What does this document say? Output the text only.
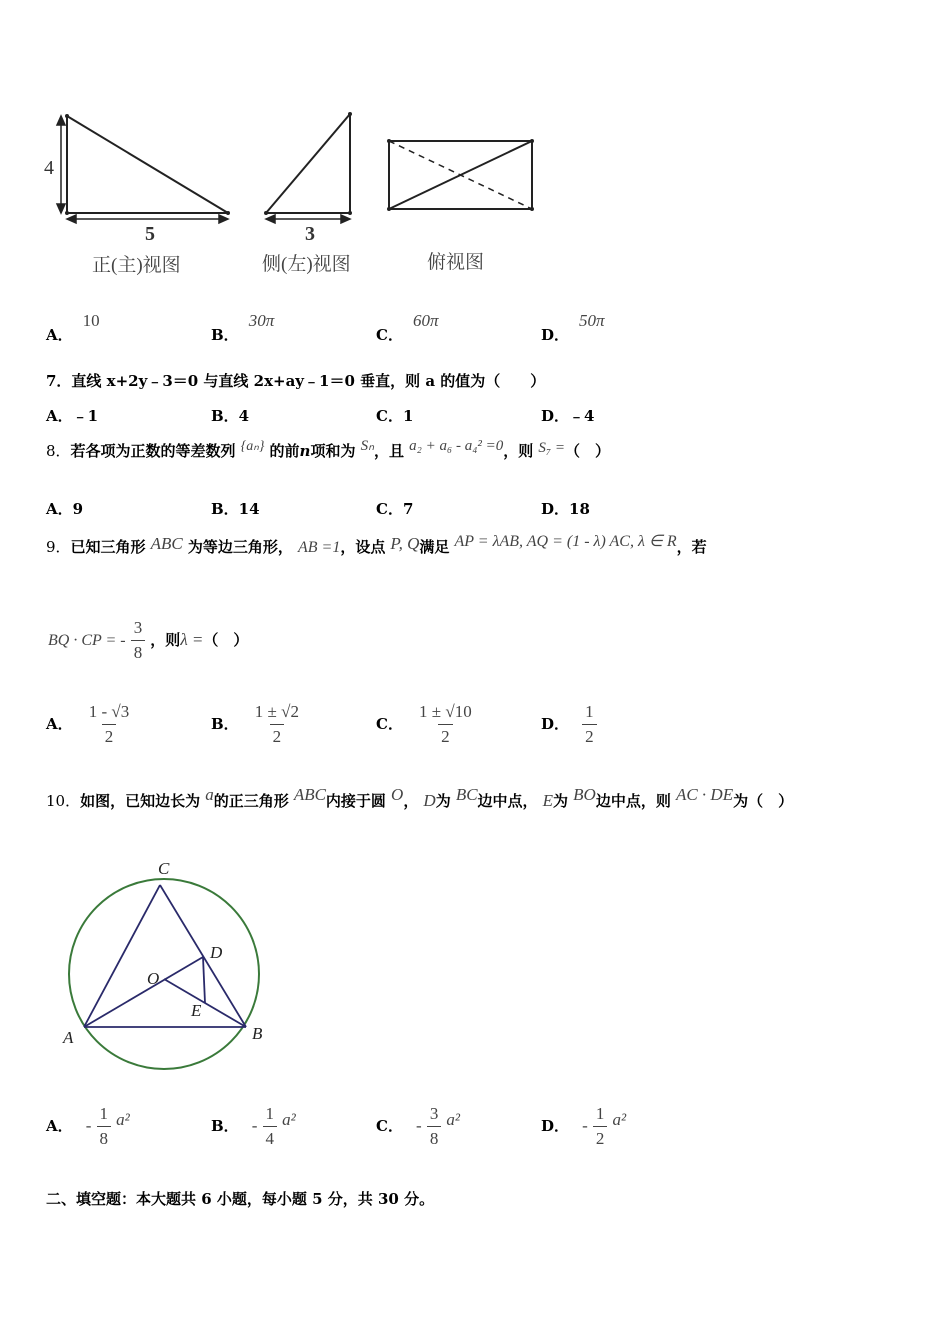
4
5	3
正(主)视图	侧(左)视图	俯视图
A．10
B．30π
C．60π
D．50π
7．直线 x+2y﹣3＝0 与直线 2x+ay﹣1＝0 垂直，则 a 的值为（　　）
A．﹣1	B．4	C．1	D．﹣4
8．若各项为正数的等差数列 {aₙ} 的前n项和为 Sₙ，且 a₂ + a₆ - a₄² =0，则 S₇ =（　）
A．9	B．14	C．7	D．18
9．已知三角形 ABC 为等边三角形， AB =1，设点 P, Q满足 AP = λAB, AQ = (1 - λ) AC, λ ∈ R，若
BQ · CP = - $\frac{3}{8}$ ，则λ =（　）
A． $\frac{1 - √3}{2}$	B． $\frac{1 \pm √2}{2}$	C． $\frac{1 \pm √10}{2}$	D． $\frac{1}{2}$
10．如图，已知边长为 a的正三角形 ABC内接于圆 O， D为 BC边中点， E为 BO边中点，则 AC · DE为（　）
C
D
O
E
A	B
A． - $\frac{1}{8} a^2$	B． - $\frac{1}{4} a^2$	C． - $\frac{3}{8} a^2$	D． - $\frac{1}{2} a^2$
二、填空题：本大题共 6 小题，每小题 5 分，共 30 分。
